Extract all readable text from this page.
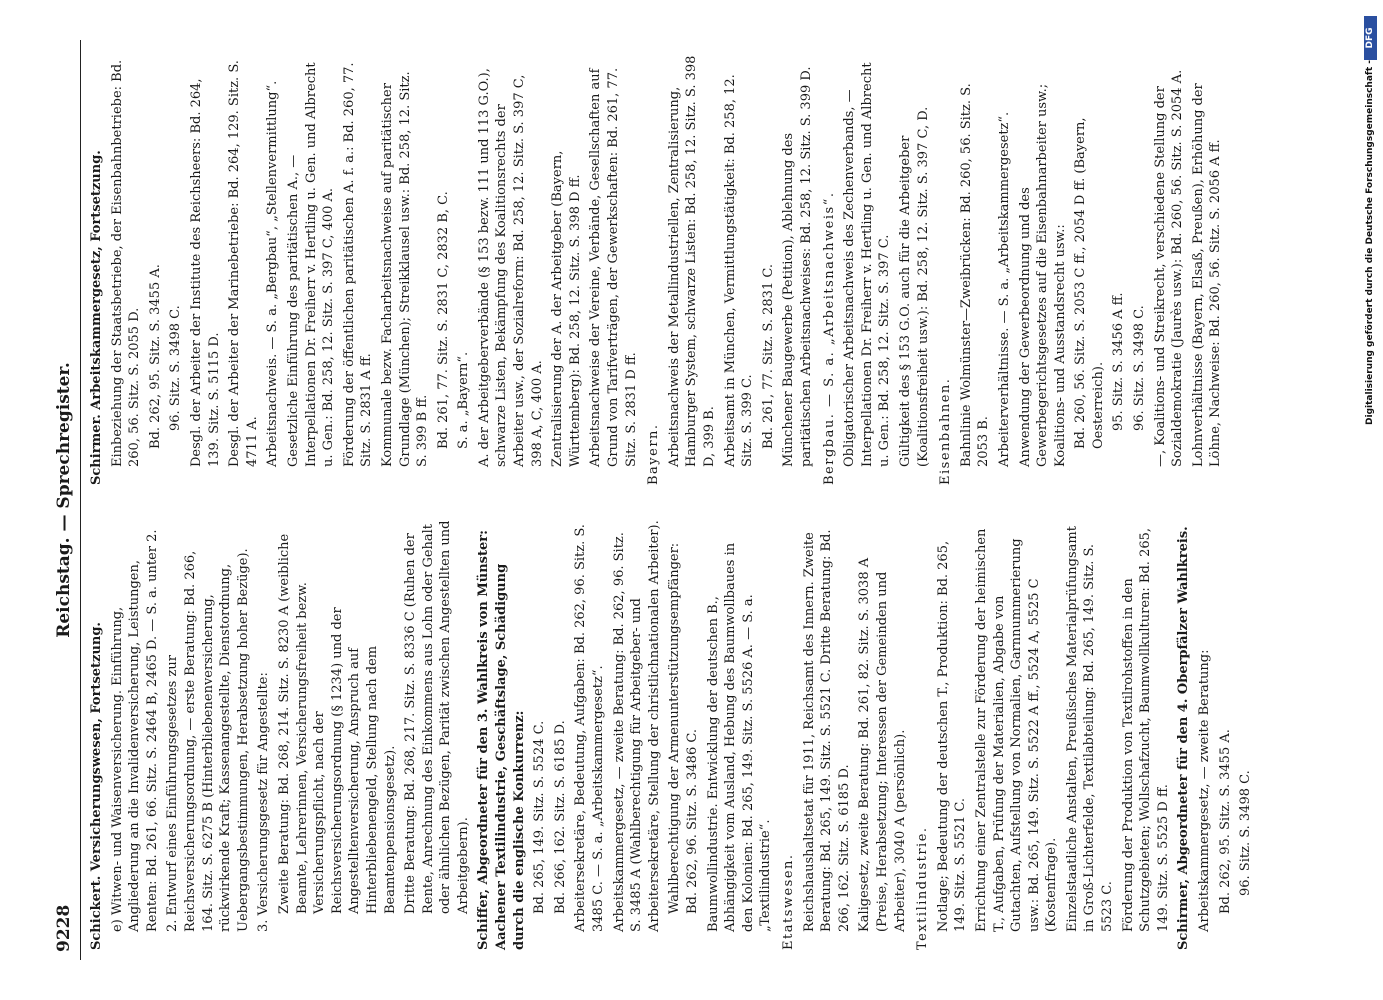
9228
Reichstag. — Sprechregister.
Schickert. Versicherungswesen, Fortsetzung. e) Witwen- und Waisenversicherung. Einführung, Angliederung an die Invalidenversicherung, Leistungen, Renten: Bd. 261, 66. Sitz. S. 2464 B, 2465 D. — S. a. unter 2. 2. Entwurf eines Einführungsgesetzes zur Reichsversicherungsordnung, — erste Beratung: Bd. 266, 164. Sitz. S. 6275 B (Hinterbliebenenversicherung, rückwirkende Kraft; Kassenangestellte, Dienstordnung, Uebergangsbestimmungen, Herabsetzung hoher Bezüge). 3. Versicherungsgesetz für Angestellte: Zweite Beratung: Bd. 268, 214. Sitz. S. 8230 A (weibliche Beamte, Lehrerinnen, Versicherungsfreiheit bezw. Versicherungspflicht, nach der Reichsversicherungsordnung (§ 1234) und der Angestelltenversicherung, Anspruch auf Hinterbliebenengeld, Stellung nach dem Beamtenpensionsgesetz). Dritte Beratung: Bd. 268, 217. Sitz. S. 8336 C (Ruhen der Rente, Anrechnung des Einkommens aus Lohn oder Gehalt oder ähnlichen Bezügen, Parität zwischen Angestellten und Arbeitgebern). Schiffer, Abgeordneter für den 3. Wahlkreis von Münster: Aachener Textilindustrie, Geschäftslage, Schädigung durch die englische Konkurrenz: Bd. 265, 149. Sitz. S. 5524 C. Bd. 266, 162. Sitz. S. 6185 D. Arbeitersekretäre, Bedeutung, Aufgaben: Bd. 262, 96. Sitz. S. 3485 C. — S. a. „Arbeitskammergesetz“. Arbeitskammergesetz, — zweite Beratung: Bd. 262, 96. Sitz. S. 3485 A (Wahlberechtigung für Arbeitgeber- und Arbeitersekretäre, Stellung der christlichnationalen Arbeiter). Wahlberechtigung der Armenunterstützungsempfänger: Bd. 262, 96. Sitz. S. 3486 C. Baumwollindustrie. Entwicklung der deutschen B., Abhängigkeit vom Ausland, Hebung des Baumwollbaues in den Kolonien: Bd. 265, 149. Sitz. S. 5526 A. — S. a. „Textilindustrie“. Etatswesen. Reichshaushaltsetat für 1911, Reichsamt des Innern. Zweite Beratung: Bd. 265, 149. Sitz. S. 5521 C. Dritte Beratung: Bd. 266, 162. Sitz. S. 6185 D. Kaligesetz, zweite Beratung: Bd. 261, 82. Sitz. S. 3038 A (Preise, Herabsetzung; Interessen der Gemeinden und Arbeiter), 3040 A (persönlich). Textilindustrie. Notlage; Bedeutung der deutschen T., Produktion: Bd. 265, 149. Sitz. S. 5521 C. Errichtung einer Zentralstelle zur Förderung der heimischen T., Aufgaben, Prüfung der Materialien, Abgabe von Gutachten, Aufstellung von Normalien, Garnnummerierung usw.: Bd. 265, 149. Sitz. S. 5522 A ff., 5524 A, 5525 C (Kostenfrage). Einzelstaatliche Anstalten, Preußisches Materialprüfungsamt in Groß-Lichterfelde, Textilabteilung: Bd. 265, 149. Sitz. S. 5523 C. Förderung der Produktion von Textilrohstoffen in den Schutzgebieten; Wollschafzucht, Baumwollkulturen: Bd. 265, 149. Sitz. S. 5525 D ff. Schirmer, Abgeordneter für den 4. Oberpfälzer Wahlkreis. Arbeitskammergesetz, — zweite Beratung: Bd. 262, 95. Sitz. S. 3455 A. 96. Sitz. S. 3498 C.
Schirmer. Arbeitskammergesetz, Fortsetzung. Einbeziehung der Staatsbetriebe, der Eisenbahnbetriebe: Bd. 260, 56. Sitz. S. 2055 D. Bd. 262, 95. Sitz. S. 3455 A. 96. Sitz. S. 3498 C. Desgl. der Arbeiter der Institute des Reichsheers: Bd. 264, 139. Sitz. S. 5115 D. Desgl. der Arbeiter der Marinebetriebe: Bd. 264, 129. Sitz. S. 4711 A. Arbeitsnachweis. — S. a. „Bergbau“, „Stellenvermittlung“. Gesetzliche Einführung des paritätischen A., — Interpellationen Dr. Freiherr v. Hertling u. Gen. und Albrecht u. Gen.: Bd. 258, 12. Sitz. S. 397 C, 400 A. Förderung der öffentlichen paritätischen A. f. a.: Bd. 260, 77. Sitz. S. 2831 A ff. Kommunale bezw. Facharbeitsnachweise auf paritätischer Grundlage (München); Streikklausel usw.: Bd. 258, 12. Sitz. S. 399 B ff. Bd. 261, 77. Sitz. S. 2831 C, 2832 B, C. S. a. „Bayern“. A. der Arbeitgeberverbände (§ 153 bezw. 111 und 113 G.O.), schwarze Listen, Bekämpfung des Koalitionsrechts der Arbeiter usw., der Sozialreform: Bd. 258, 12. Sitz. S. 397 C, 398 A, C, 400 A. Zentralisierung der A. der Arbeitgeber (Bayern, Württemberg): Bd. 258, 12. Sitz. S. 398 D ff. Arbeitsnachweise der Vereine, Verbände, Gesellschaften auf Grund von Tarifverträgen, der Gewerkschaften: Bd. 261, 77. Sitz. S. 2831 D ff. Bayern. Arbeitsnachweis der Metallindustriellen, Zentralisierung, Hamburger System, schwarze Listen: Bd. 258, 12. Sitz. S. 398 D, 399 B. Arbeitsamt in München, Vermittlungstätigkeit: Bd. 258, 12. Sitz. S. 399 C. Bd. 261, 77. Sitz. S. 2831 C. Münchener Baugewerbe (Petition), Ablehnung des paritätischen Arbeitsnachweises: Bd. 258, 12. Sitz. S. 399 D. Bergbau. — S. a. „Arbeitsnachweis“. Obligatorischer Arbeitsnachweis des Zechenverbands, — Interpellationen Dr. Freiherr v. Hertling u. Gen. und Albrecht u. Gen.: Bd. 258, 12. Sitz. S. 397 C. Gültigkeit des § 153 G.O. auch für die Arbeitgeber (Koalitionsfreiheit usw.): Bd. 258, 12. Sitz. S. 397 C, D. Eisenbahnen. Bahnlinie Wolmünster—Zweibrücken: Bd. 260, 56. Sitz. S. 2053 B. Arbeiterverhältnisse. — S. a. „Arbeitskammergesetz“. Anwendung der Gewerbeordnung und des Gewerbegerichtsgesetzes auf die Eisenbahnarbeiter usw.; Koalitions- und Ausstandsrecht usw.: Bd. 260, 56. Sitz. S. 2053 C ff., 2054 D ff. (Bayern, Oesterreich). 95. Sitz. S. 3456 A ff. 96. Sitz. S. 3498 C. —, Koalitions- und Streikrecht, verschiedene Stellung der Sozialdemokratie (Jaurès usw.): Bd. 260, 56. Sitz. S. 2054 A. Lohnverhältnisse (Bayern, Elsaß, Preußen), Erhöhung der Löhne, Nachweise: Bd. 260, 56. Sitz. S. 2056 A ff.	Digitalisierung gefördert durch die Deutsche Forschungsgemeinschaft -
DFG
